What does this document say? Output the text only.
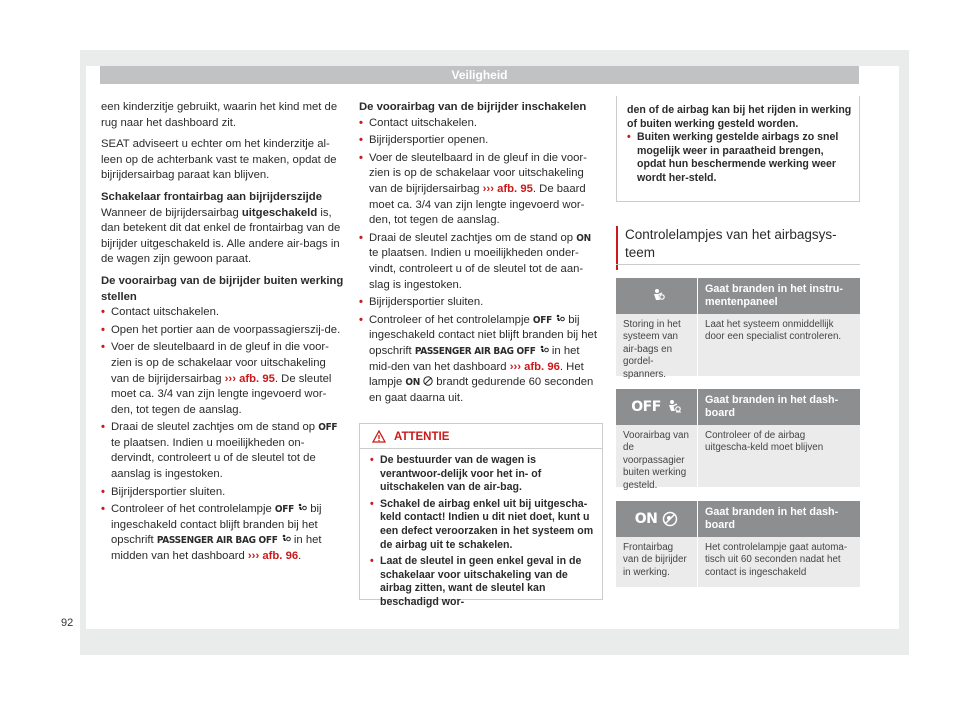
Veiligheid

een kinderzitje gebruikt, waarin het kind met de rug naar het dashboard zit.

SEAT adviseert u echter om het kinderzitje al-leen op de achterbank vast te maken, opdat de bijrijdersairbag paraat kan blijven.

Schakelaar frontairbag aan bijrijderszijde

Wanneer de bijrijdersairbag uitgeschakeld is, dan betekent dit dat enkel de frontairbag van de bijrijder uitgeschakeld is. Alle andere air-bags in de wagen zijn gewoon paraat.

De voorairbag van de bijrijder buiten werking stellen

• Contact uitschakelen.
• Open het portier aan de voorpassagierszij-de.
• Voer de sleutelbaard in de gleuf in die voor-zien is op de schakelaar voor uitschakeling van de bijrijdersairbag ››› afb. 95. De sleutel moet ca. 3/4 van zijn lengte ingevoerd wor-den, tot tegen de aanslag.
• Draai de sleutel zachtjes om de stand op OFF te plaatsen. Indien u moeilijkheden on-dervindt, controleert u of de sleutel tot de aanslag is ingestoken.
• Bijrijdersportier sluiten.
• Controleer of het controlelampje OFF  bij ingeschakeld contact blijft branden bij het opschrift PASSENGER AIR BAG OFF  in het midden van het dashboard ››› afb. 96.

De voorairbag van de bijrijder inschakelen

• Contact uitschakelen.
• Bijrijdersportier openen.
• Voer de sleutelbaard in de gleuf in die voor-zien is op de schakelaar voor uitschakeling van de bijrijdersairbag ››› afb. 95. De baard moet ca. 3/4 van zijn lengte ingevoerd wor-den, tot tegen de aanslag.
• Draai de sleutel zachtjes om de stand op ON te plaatsen. Indien u moeilijkheden onder-vindt, controleert u of de sleutel tot de aan-slag is ingestoken.
• Bijrijdersportier sluiten.
• Controleer of het controlelampje OFF  bij ingeschakeld contact niet blijft branden bij het opschrift PASSENGER AIR BAG OFF  in het mid-den van het dashboard ››› afb. 96. Het lampje ON  brandt gedurende 60 seconden en gaat daarna uit.
ATTENTIE
• De bestuurder van de wagen is verantwoor-delijk voor het in- of uitschakelen van de air-bag.
• Schakel de airbag enkel uit bij uitgescha-keld contact! Indien u dit niet doet, kunt u een defect veroorzaken in het systeem om de airbag uit te schakelen.
• Laat de sleutel in geen enkel geval in de schakelaar voor uitschakeling van de airbag zitten, want de sleutel kan beschadigd wor-
den of de airbag kan bij het rijden in werking of buiten werking gesteld worden.
• Buiten werking gestelde airbags zo snel mogelijk weer in paraatheid brengen, opdat hun beschermende werking weer wordt her-steld.
Controlelampjes van het airbagsys-teem
Gaat branden in het instru-mentenpaneel
Storing in het systeem van air-bags en gordel-spanners.
Laat het systeem onmiddellijk door een specialist controleren.
OFF	Gaat branden in het dash-board
Voorairbag van de voorpassagier buiten werking gesteld.
Controleer of de airbag uitgescha-keld moet blijven
ON	Gaat branden in het dash-board
Frontairbag van de bijrijder in werking.
Het controlelampje gaat automa-tisch uit 60 seconden nadat het contact is ingeschakeld
92
